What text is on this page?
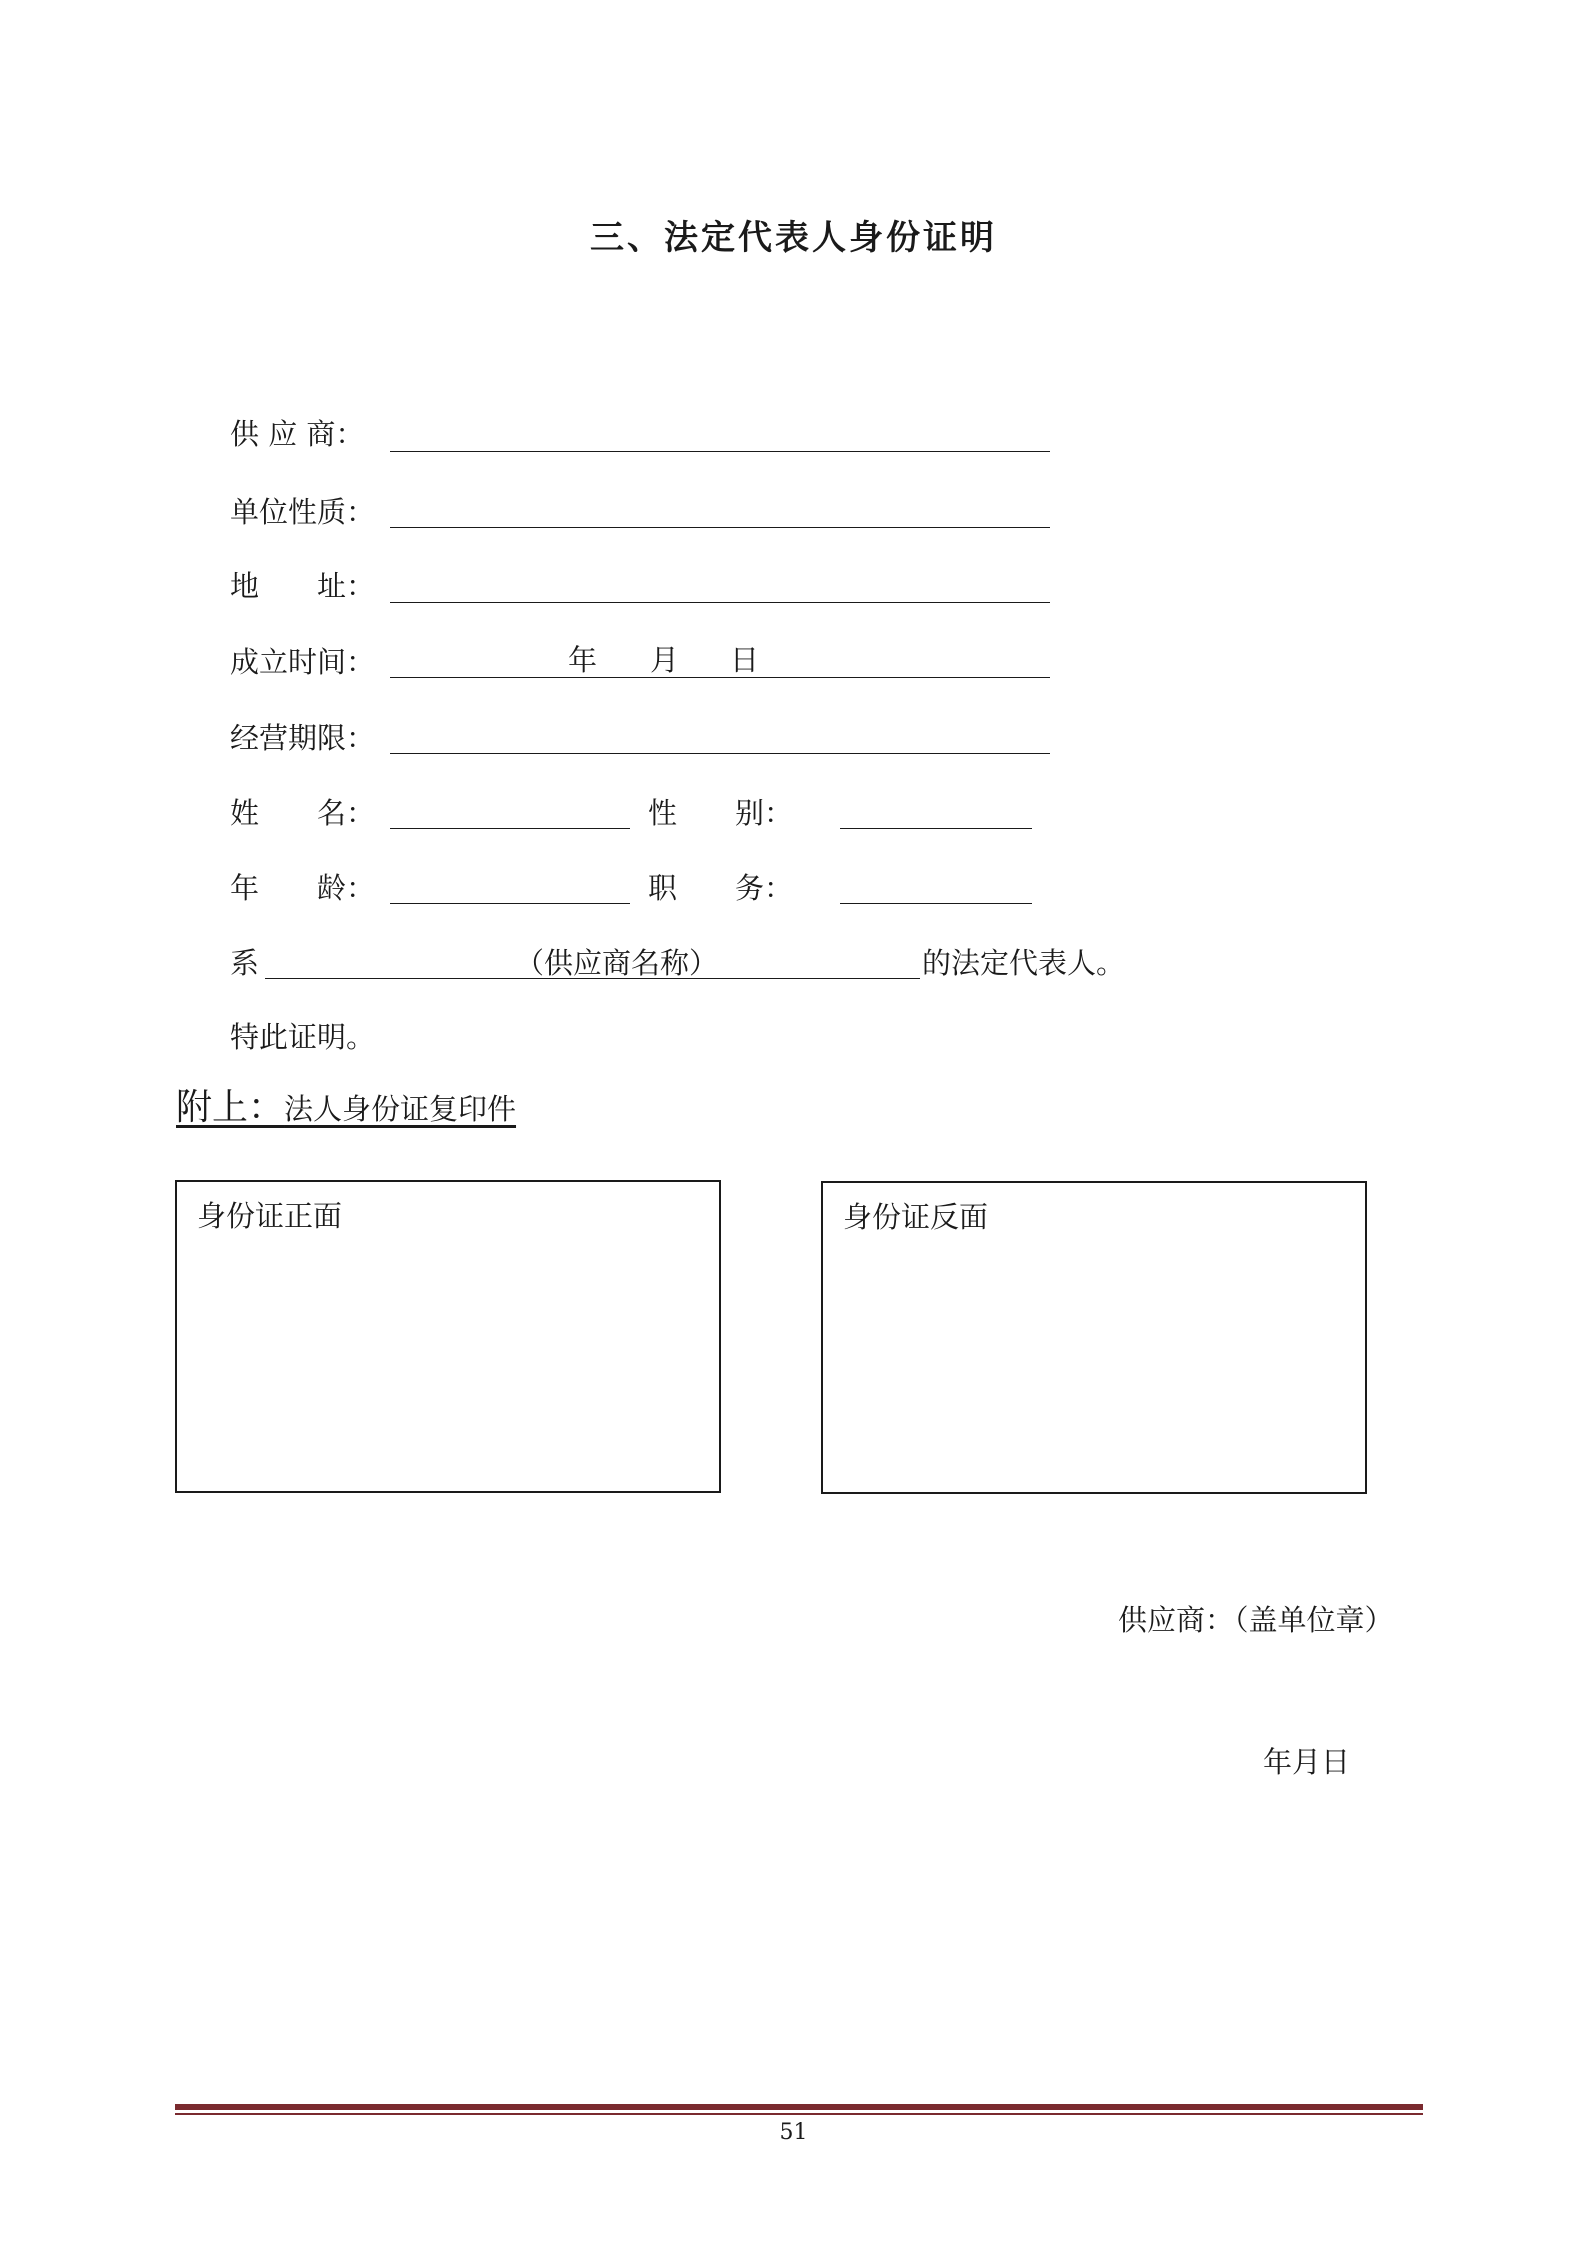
三、法定代表人身份证明
供 应 商：
单位性质：
地　　址：
成立时间：	年 月 日
经营期限：
姓　　名：	性　　别：
年　　龄：	职　　务：
系	（供应商名称）	的法定代表人。
特此证明。
附上：法人身份证复印件
身份证正面	身份证反面
供应商：（盖单位章）
年月日
51
